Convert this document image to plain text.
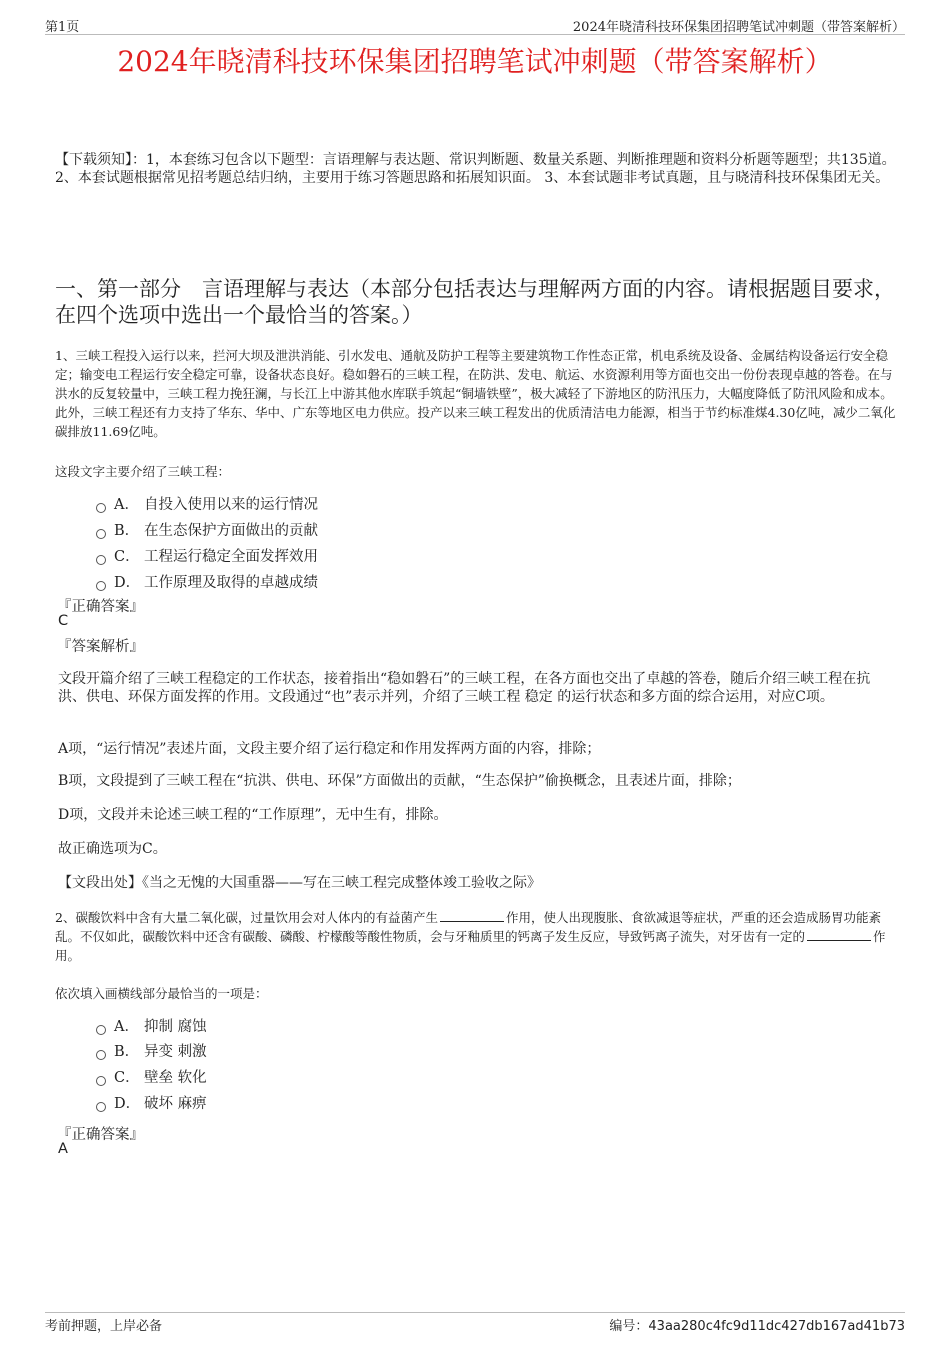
第1页	2024年晓清科技环保集团招聘笔试冲刺题（带答案解析）
2024年晓清科技环保集团招聘笔试冲刺题（带答案解析）

【下载须知】：1，本套练习包含以下题型：言语理解与表达题、常识判断题、数量关系题、判断推理题和资料分析题等题型；共135道。 2、本套试题根据常见招考题总结归纳，主要用于练习答题思路和拓展知识面。 3、本套试题非考试真题，且与晓清科技环保集团无关。

一、第一部分　言语理解与表达（本部分包括表达与理解两方面的内容。请根据题目要求，在四个选项中选出一个最恰当的答案。）

1、三峡工程投入运行以来，拦河大坝及泄洪消能、引水发电、通航及防护工程等主要建筑物工作性态正常，机电系统及设备、金属结构设备运行安全稳定；输变电工程运行安全稳定可靠，设备状态良好。稳如磐石的三峡工程，在防洪、发电、航运、水资源利用等方面也交出一份份表现卓越的答卷。在与洪水的反复较量中，三峡工程力挽狂澜，与长江上中游其他水库联手筑起“铜墙铁壁”，极大减轻了下游地区的防汛压力，大幅度降低了防汛风险和成本。此外，三峡工程还有力支持了华东、华中、广东等地区电力供应。投产以来三峡工程发出的优质清洁电力能源，相当于节约标准煤4.30亿吨，减少二氧化碳排放11.69亿吨。

这段文字主要介绍了三峡工程：

A． 自投入使用以来的运行情况
B． 在生态保护方面做出的贡献
C． 工程运行稳定全面发挥效用
D． 工作原理及取得的卓越成绩
『正确答案』
C
『答案解析』

文段开篇介绍了三峡工程稳定的工作状态，接着指出“稳如磐石”的三峡工程，在各方面也交出了卓越的答卷，随后介绍三峡工程在抗洪、供电、环保方面发挥的作用。文段通过“也”表示并列，介绍了三峡工程 稳定 的运行状态和多方面的综合运用，对应C项。

A项，“运行情况”表述片面，文段主要介绍了运行稳定和作用发挥两方面的内容，排除；

B项，文段提到了三峡工程在“抗洪、供电、环保”方面做出的贡献，“生态保护”偷换概念，且表述片面，排除；

D项，文段并未论述三峡工程的“工作原理”，无中生有，排除。

故正确选项为C。

【文段出处】《当之无愧的大国重器——写在三峡工程完成整体竣工验收之际》

2、碳酸饮料中含有大量二氧化碳，过量饮用会对人体内的有益菌产生	作用，使人出现腹胀、食欲减退等症状，严重的还会造成肠胃功能紊乱。不仅如此，碳酸饮料中还含有碳酸、磷酸、柠檬酸等酸性物质，会与牙釉质里的钙离子发生反应，导致钙离子流失，对牙齿有一定的	作用。

依次填入画横线部分最恰当的一项是：

A． 抑制 腐蚀
B． 异变 刺激
C． 壁垒 软化
D． 破坏 麻痹
『正确答案』
A
考前押题，上岸必备	编号：43aa280c4fc9d11dc427db167ad41b73
